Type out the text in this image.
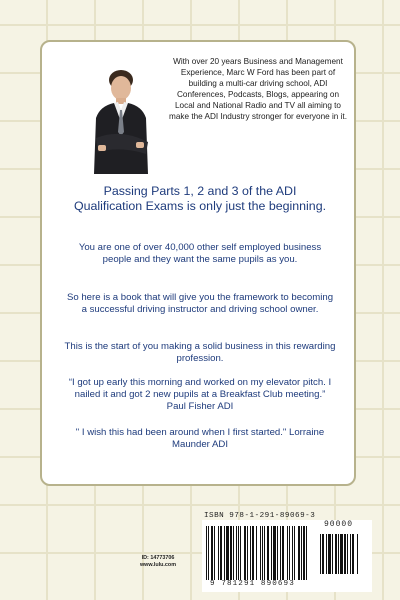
With over 20 years Business and Management Experience, Marc W Ford has been part of building a multi-car driving school, ADI Conferences, Podcasts, Blogs, appearing on Local and National Radio and TV all aiming to make the ADI Industry stronger for everyone in it.

Passing Parts 1, 2 and 3 of the ADI Qualification Exams is only just the beginning.

You are one of over 40,000 other self employed business people and they want the same pupils as you.

So here is a book that will give you the framework to becoming a successful driving instructor and driving school owner.

This is the start of you making a solid business in this rewarding profession.

“I got up early this morning and worked on my elevator pitch. I nailed it and got 2 new pupils at a Breakfast Club meeting.” Paul Fisher ADI

" I wish this had been around when I first started." Lorraine Maunder ADI

ID: 14773706
www.lulu.com
ISBN 978-1-291-89069-3
90000
9 781291 890693
